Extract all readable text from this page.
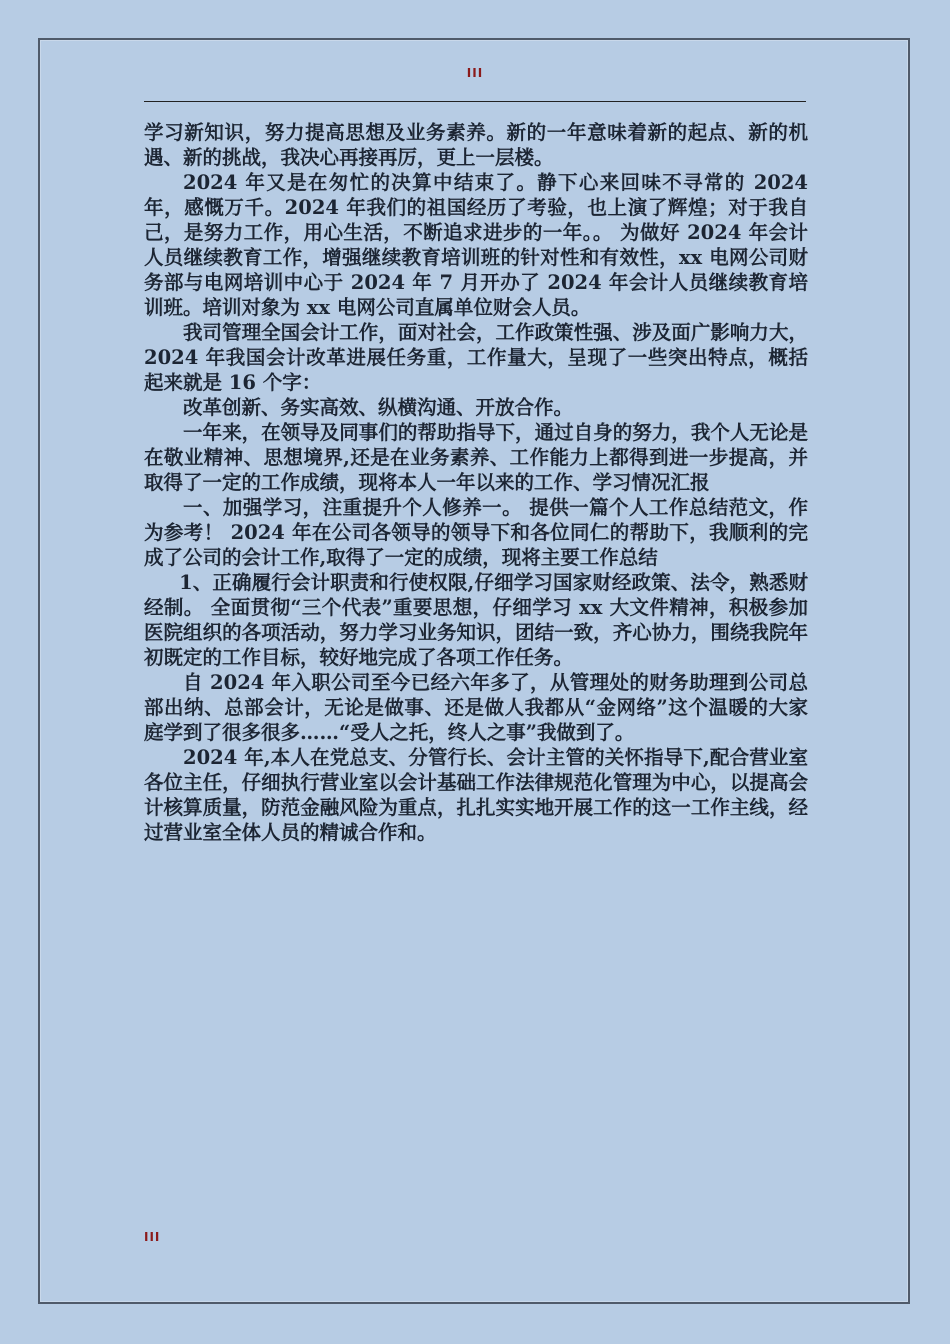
III

学习新知识，努力提高思想及业务素养。新的一年意味着新的起点、新的机遇、新的挑战，我决心再接再厉，更上一层楼。

2024 年又是在匆忙的决算中结束了。静下心来回味不寻常的 2024 年，感慨万千。2024 年我们的祖国经历了考验，也上演了辉煌；对于我自己，是努力工作，用心生活，不断追求进步的一年。。 为做好 2024 年会计人员继续教育工作，增强继续教育培训班的针对性和有效性，xx 电网公司财务部与电网培训中心于 2024 年 7 月开办了 2024 年会计人员继续教育培训班。培训对象为 xx 电网公司直属单位财会人员。

我司管理全国会计工作，面对社会，工作政策性强、涉及面广影响力大，2024 年我国会计改革进展任务重，工作量大，呈现了一些突出特点，概括起来就是 16 个字：

改革创新、务实高效、纵横沟通、开放合作。

一年来，在领导及同事们的帮助指导下，通过自身的努力，我个人无论是在敬业精神、思想境界,还是在业务素养、工作能力上都得到进一步提高，并取得了一定的工作成绩，现将本人一年以来的工作、学习情况汇报

一、加强学习，注重提升个人修养一。 提供一篇个人工作总结范文，作为参考！ 2024 年在公司各领导的领导下和各位同仁的帮助下，我顺利的完成了公司的会计工作,取得了一定的成绩，现将主要工作总结

1、正确履行会计职责和行使权限,仔细学习国家财经政策、法令，熟悉财经制。 全面贯彻“三个代表”重要思想，仔细学习 xx 大文件精神，积极参加医院组织的各项活动，努力学习业务知识，团结一致，齐心协力，围绕我院年初既定的工作目标，较好地完成了各项工作任务。

自 2024 年入职公司至今已经六年多了，从管理处的财务助理到公司总部出纳、总部会计，无论是做事、还是做人我都从“金网络”这个温暖的大家庭学到了很多很多……“受人之托，终人之事”我做到了。

2024 年,本人在党总支、分管行长、会计主管的关怀指导下,配合营业室各位主任，仔细执行营业室以会计基础工作法律规范化管理为中心，以提高会计核算质量，防范金融风险为重点，扎扎实实地开展工作的这一工作主线，经过营业室全体人员的精诚合作和。

III
